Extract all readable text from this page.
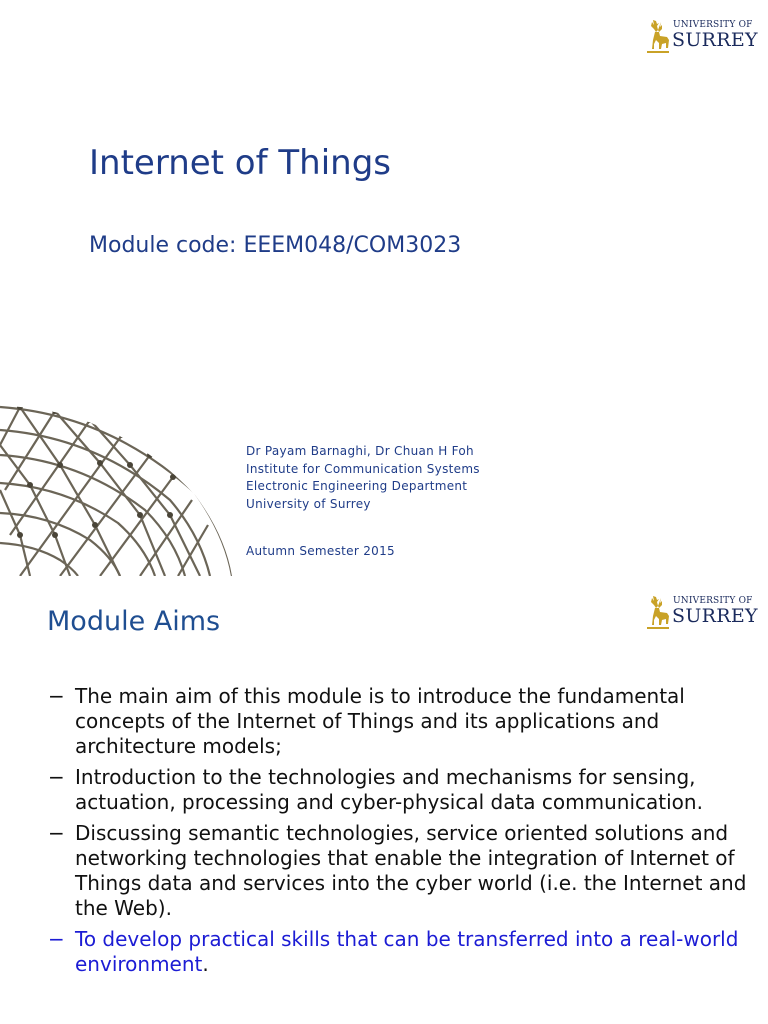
UNIVERSITY OF
SURREY
Internet of Things
Module code: EEEM048/COM3023
Dr Payam Barnaghi, Dr Chuan H Foh
Institute for Communication Systems
Electronic Engineering Department
University of Surrey
Autumn Semester 2015
UNIVERSITY OF
SURREY
Module Aims
− The main aim of this module is to introduce the fundamental concepts of the Internet of Things and its applications and architecture models;
− Introduction to the technologies and mechanisms for sensing, actuation, processing and cyber-physical data communication.
− Discussing semantic technologies, service oriented solutions and networking technologies that enable the integration of Internet of Things data and services into the cyber world (i.e. the Internet and the Web).
− To develop practical skills that can be transferred into a real-world environment.
